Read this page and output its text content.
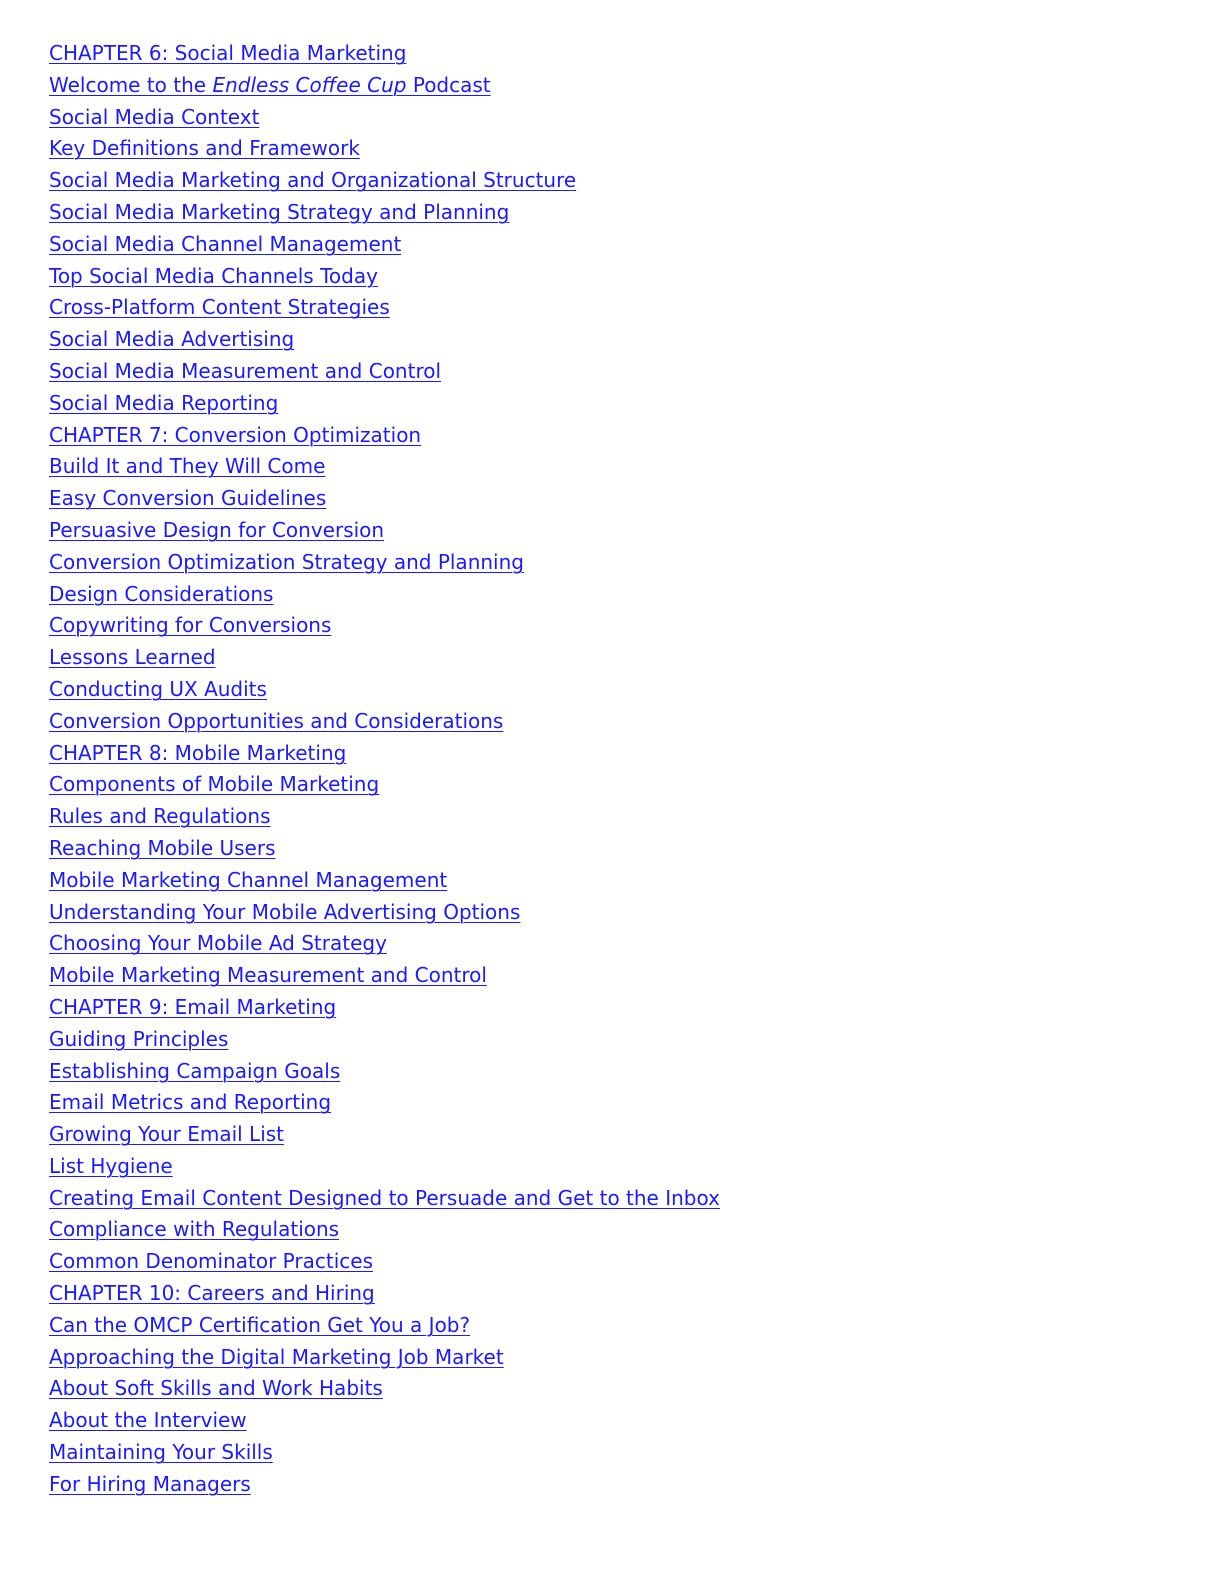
CHAPTER 6: Social Media Marketing
Welcome to the Endless Coffee Cup Podcast
Social Media Context
Key Definitions and Framework
Social Media Marketing and Organizational Structure
Social Media Marketing Strategy and Planning
Social Media Channel Management
Top Social Media Channels Today
Cross-Platform Content Strategies
Social Media Advertising
Social Media Measurement and Control
Social Media Reporting
CHAPTER 7: Conversion Optimization
Build It and They Will Come
Easy Conversion Guidelines
Persuasive Design for Conversion
Conversion Optimization Strategy and Planning
Design Considerations
Copywriting for Conversions
Lessons Learned
Conducting UX Audits
Conversion Opportunities and Considerations
CHAPTER 8: Mobile Marketing
Components of Mobile Marketing
Rules and Regulations
Reaching Mobile Users
Mobile Marketing Channel Management
Understanding Your Mobile Advertising Options
Choosing Your Mobile Ad Strategy
Mobile Marketing Measurement and Control
CHAPTER 9: Email Marketing
Guiding Principles
Establishing Campaign Goals
Email Metrics and Reporting
Growing Your Email List
List Hygiene
Creating Email Content Designed to Persuade and Get to the Inbox
Compliance with Regulations
Common Denominator Practices
CHAPTER 10: Careers and Hiring
Can the OMCP Certification Get You a Job?
Approaching the Digital Marketing Job Market
About Soft Skills and Work Habits
About the Interview
Maintaining Your Skills
For Hiring Managers
